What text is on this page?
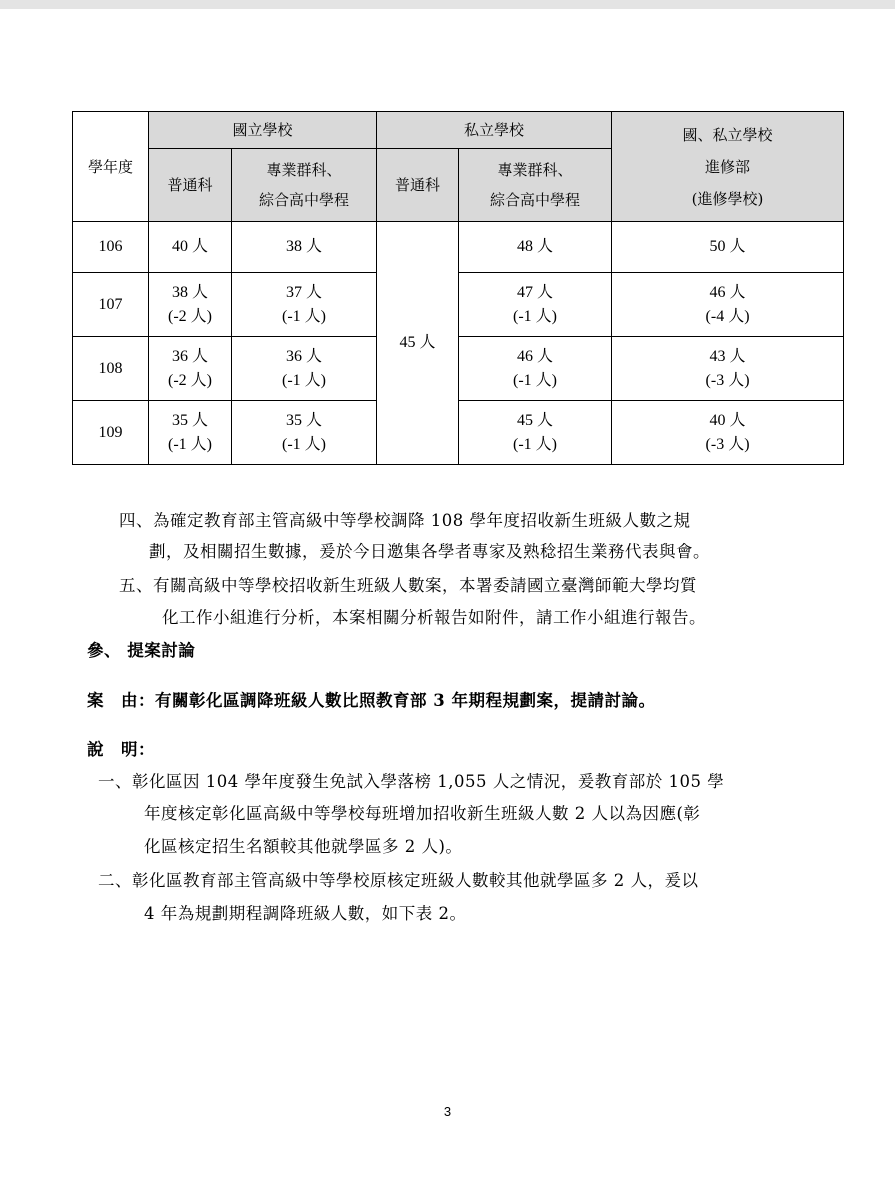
學年度	國立學校		私立學校		國、私立學校
進修部
(進修學校)

	普通科	專業群科、
綜合高中學程	普通科	專業群科、
綜合高中學程	

106	40 人	38 人	45 人	48 人	50 人
107	38 人
(-2 人)	37 人
(-1 人)		47 人
(-1 人)	46 人
(-4 人)

108	36 人
(-2 人)	36 人
(-1 人)		46 人
(-1 人)	43 人
(-3 人)

109	35 人
(-1 人)	35 人
(-1 人)		45 人
(-1 人)	40 人
(-3 人)
四、為確定教育部主管高級中等學校調降 108 學年度招收新生班級人數之規
劃，及相關招生數據，爰於今日邀集各學者專家及熟稔招生業務代表與會。
五、有關高級中等學校招收新生班級人數案，本署委請國立臺灣師範大學均質
化工作小組進行分析，本案相關分析報告如附件，請工作小組進行報告。
參、 提案討論
案　由：有關彰化區調降班級人數比照教育部 3 年期程規劃案，提請討論。
說　明：
一、彰化區因 104 學年度發生免試入學落榜 1,055 人之情況，爰教育部於 105 學
年度核定彰化區高級中等學校每班增加招收新生班級人數 2 人以為因應(彰
化區核定招生名額較其他就學區多 2 人)。
二、彰化區教育部主管高級中等學校原核定班級人數較其他就學區多 2 人，爰以
4 年為規劃期程調降班級人數，如下表 2。
3
